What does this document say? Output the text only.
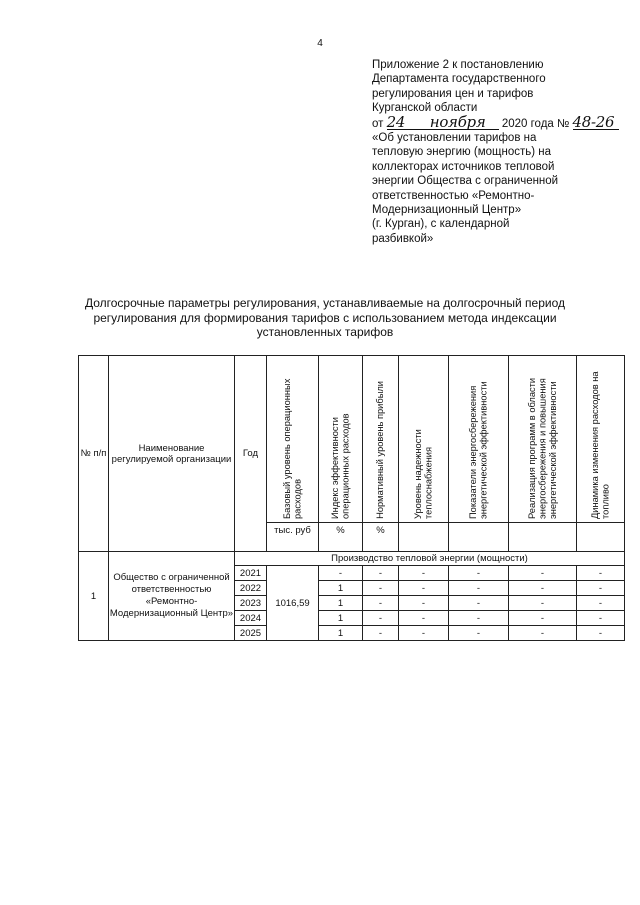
4
Приложение 2 к постановлению
Департамента государственного
регулирования цен и тарифов
Курганской области
от 24 ноября 2020 года № 48-26
«Об установлении тарифов на
тепловую энергию (мощность) на
коллекторах источников тепловой
энергии Общества с ограниченной
ответственностью «Ремонтно-
Модернизационный Центр»
(г. Курган), с календарной
разбивкой»
Долгосрочные параметры регулирования, устанавливаемые на долгосрочный период
регулирования для формирования тарифов с использованием метода индексации
установленных тарифов
№ п/п	Наименование регулируемой организации	Год	Базовый уровень операционных расходов	Индекс эффективности операционных расходов	Нормативный уровень прибыли	Уровень надежности теплоснабжения	Показатели энергосбережения энергетической эффективности	Реализация программ в области энергосбережения и повышения энергетической эффективности	Динамика изменения расходов на топливо
			тыс. руб	%	%				
1	Общество с ограниченной ответственностью «Ремонтно-Модернизационный Центр»	Производство тепловой энергии (мощности)							
		2021	1016,59	-	-	-	-	-	-
		2022		1	-	-	-	-	-
		2023		1	-	-	-	-	-
		2024		1	-	-	-	-	-
		2025		1	-	-	-	-	-
